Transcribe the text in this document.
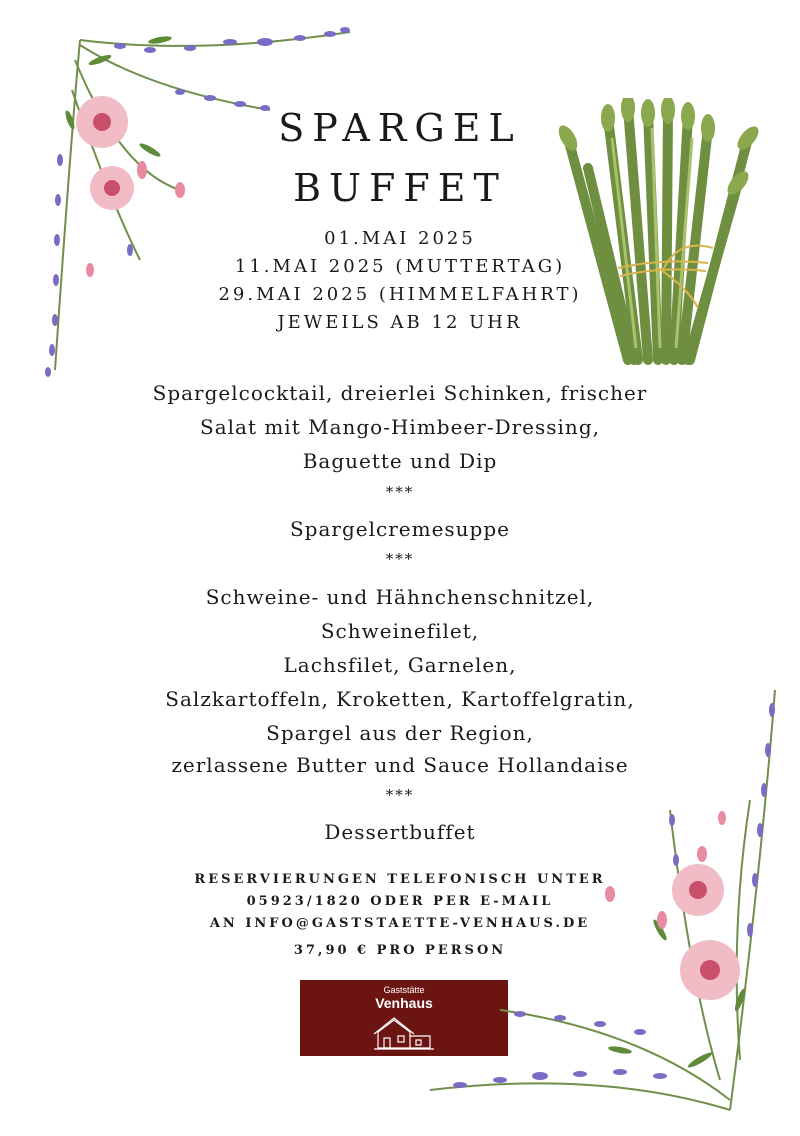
SPARGEL
BUFFET
01.MAI 2025
11.MAI 2025 (MUTTERTAG)
29.MAI 2025 (HIMMELFAHRT)
JEWEILS AB 12 UHR
Spargelcocktail, dreierlei Schinken, frischer
Salat mit Mango-Himbeer-Dressing,
Baguette und Dip
***
Spargelcremesuppe
***
Schweine- und Hähnchenschnitzel,
Schweinefilet,
Lachsfilet, Garnelen,
Salzkartoffeln, Kroketten, Kartoffelgratin,
Spargel aus der Region,
zerlassene Butter und Sauce Hollandaise
***
Dessertbuffet
RESERVIERUNGEN TELEFONISCH UNTER
05923/1820 ODER PER E-MAIL
AN INFO@GASTSTAETTE-VENHAUS.DE
37,90 € PRO PERSON
Gaststätte
Venhaus
